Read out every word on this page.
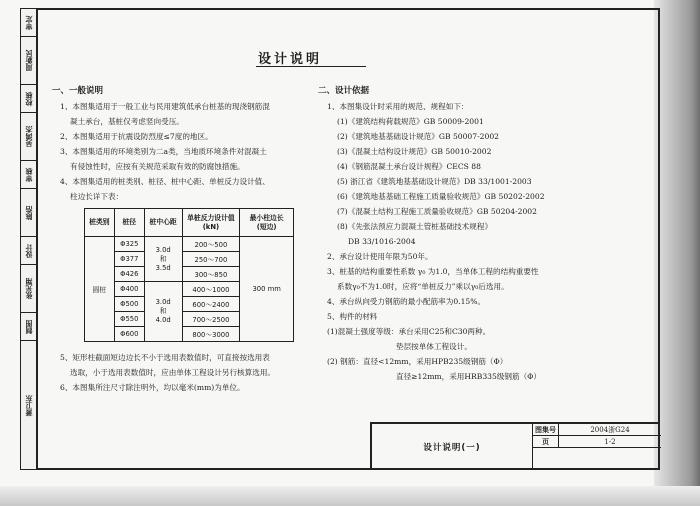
审定
周新民
校核
吴鸿杰
审核
陈浩
设计
张光翔
制图
萧卫东
设计说明
一、一般说明
1、本图集适用于一般工业与民用建筑低承台桩基的现浇钢筋混
凝土承台，基桩仅考虑竖向受压。
2、本图集适用于抗震设防烈度≤7度的地区。
3、本图集适用的环境类别为二a类，当地质环境条件对混凝土
有侵蚀性时，应按有关规范采取有效的防腐蚀措施。
4、本图集适用的桩类别、桩径、桩中心距、单桩反力设计值、
柱边长详下表：
桩类别	桩径	桩中心距	单桩反力设计值
(kN)	最小柱边长
(短边)
圆桩	Φ325	3.0d
和
3.5d	200～500	300 mm
	Φ377		250～700	
	Φ426		300～850	
	Φ400	3.0d
和
4.0d	400～1000	
	Φ500		600～2400	
	Φ550		700～2500	
	Φ600		800～3000	
5、矩形柱截面短边边长不小于选用表数值时，可直接按选用表
选取，小于选用表数值时，应由单体工程设计另行核算选用。
6、本图集所注尺寸除注明外，均以毫米(mm)为单位。
二、设计依据
1、本图集设计时采用的规范、规程如下：
(1)《建筑结构荷载规范》GB 50009-2001
(2)《建筑地基基础设计规范》GB 50007-2002
(3)《混凝土结构设计规范》GB 50010-2002
(4)《钢筋混凝土承台设计规程》CECS 88
(5) 浙江省《建筑地基基础设计规范》DB 33/1001-2003
(6)《建筑地基基础工程施工质量验收规范》GB 50202-2002
(7)《混凝土结构工程施工质量验收规范》GB 50204-2002
(8)《先张法预应力混凝土管桩基础技术规程》
DB 33/1016-2004
2、承台设计使用年限为50年。
3、桩基的结构重要性系数 γ₀ 为1.0，当单体工程的结构重要性
系数γ₀不为1.0时，应将“单桩反力”乘以γ₀后选用。
4、承台纵向受力钢筋的最小配筋率为0.15%。
5、构件的材料
(1)混凝土强度等级：承台采用C25和C30两种。
垫层按单体工程设计。
(2) 钢筋：直径<12mm，采用HPB235级钢筋（Φ）
直径≥12mm，采用HRB335级钢筋（Φ）
设计说明(一)
图集号	2004浙G24
页	1-2
